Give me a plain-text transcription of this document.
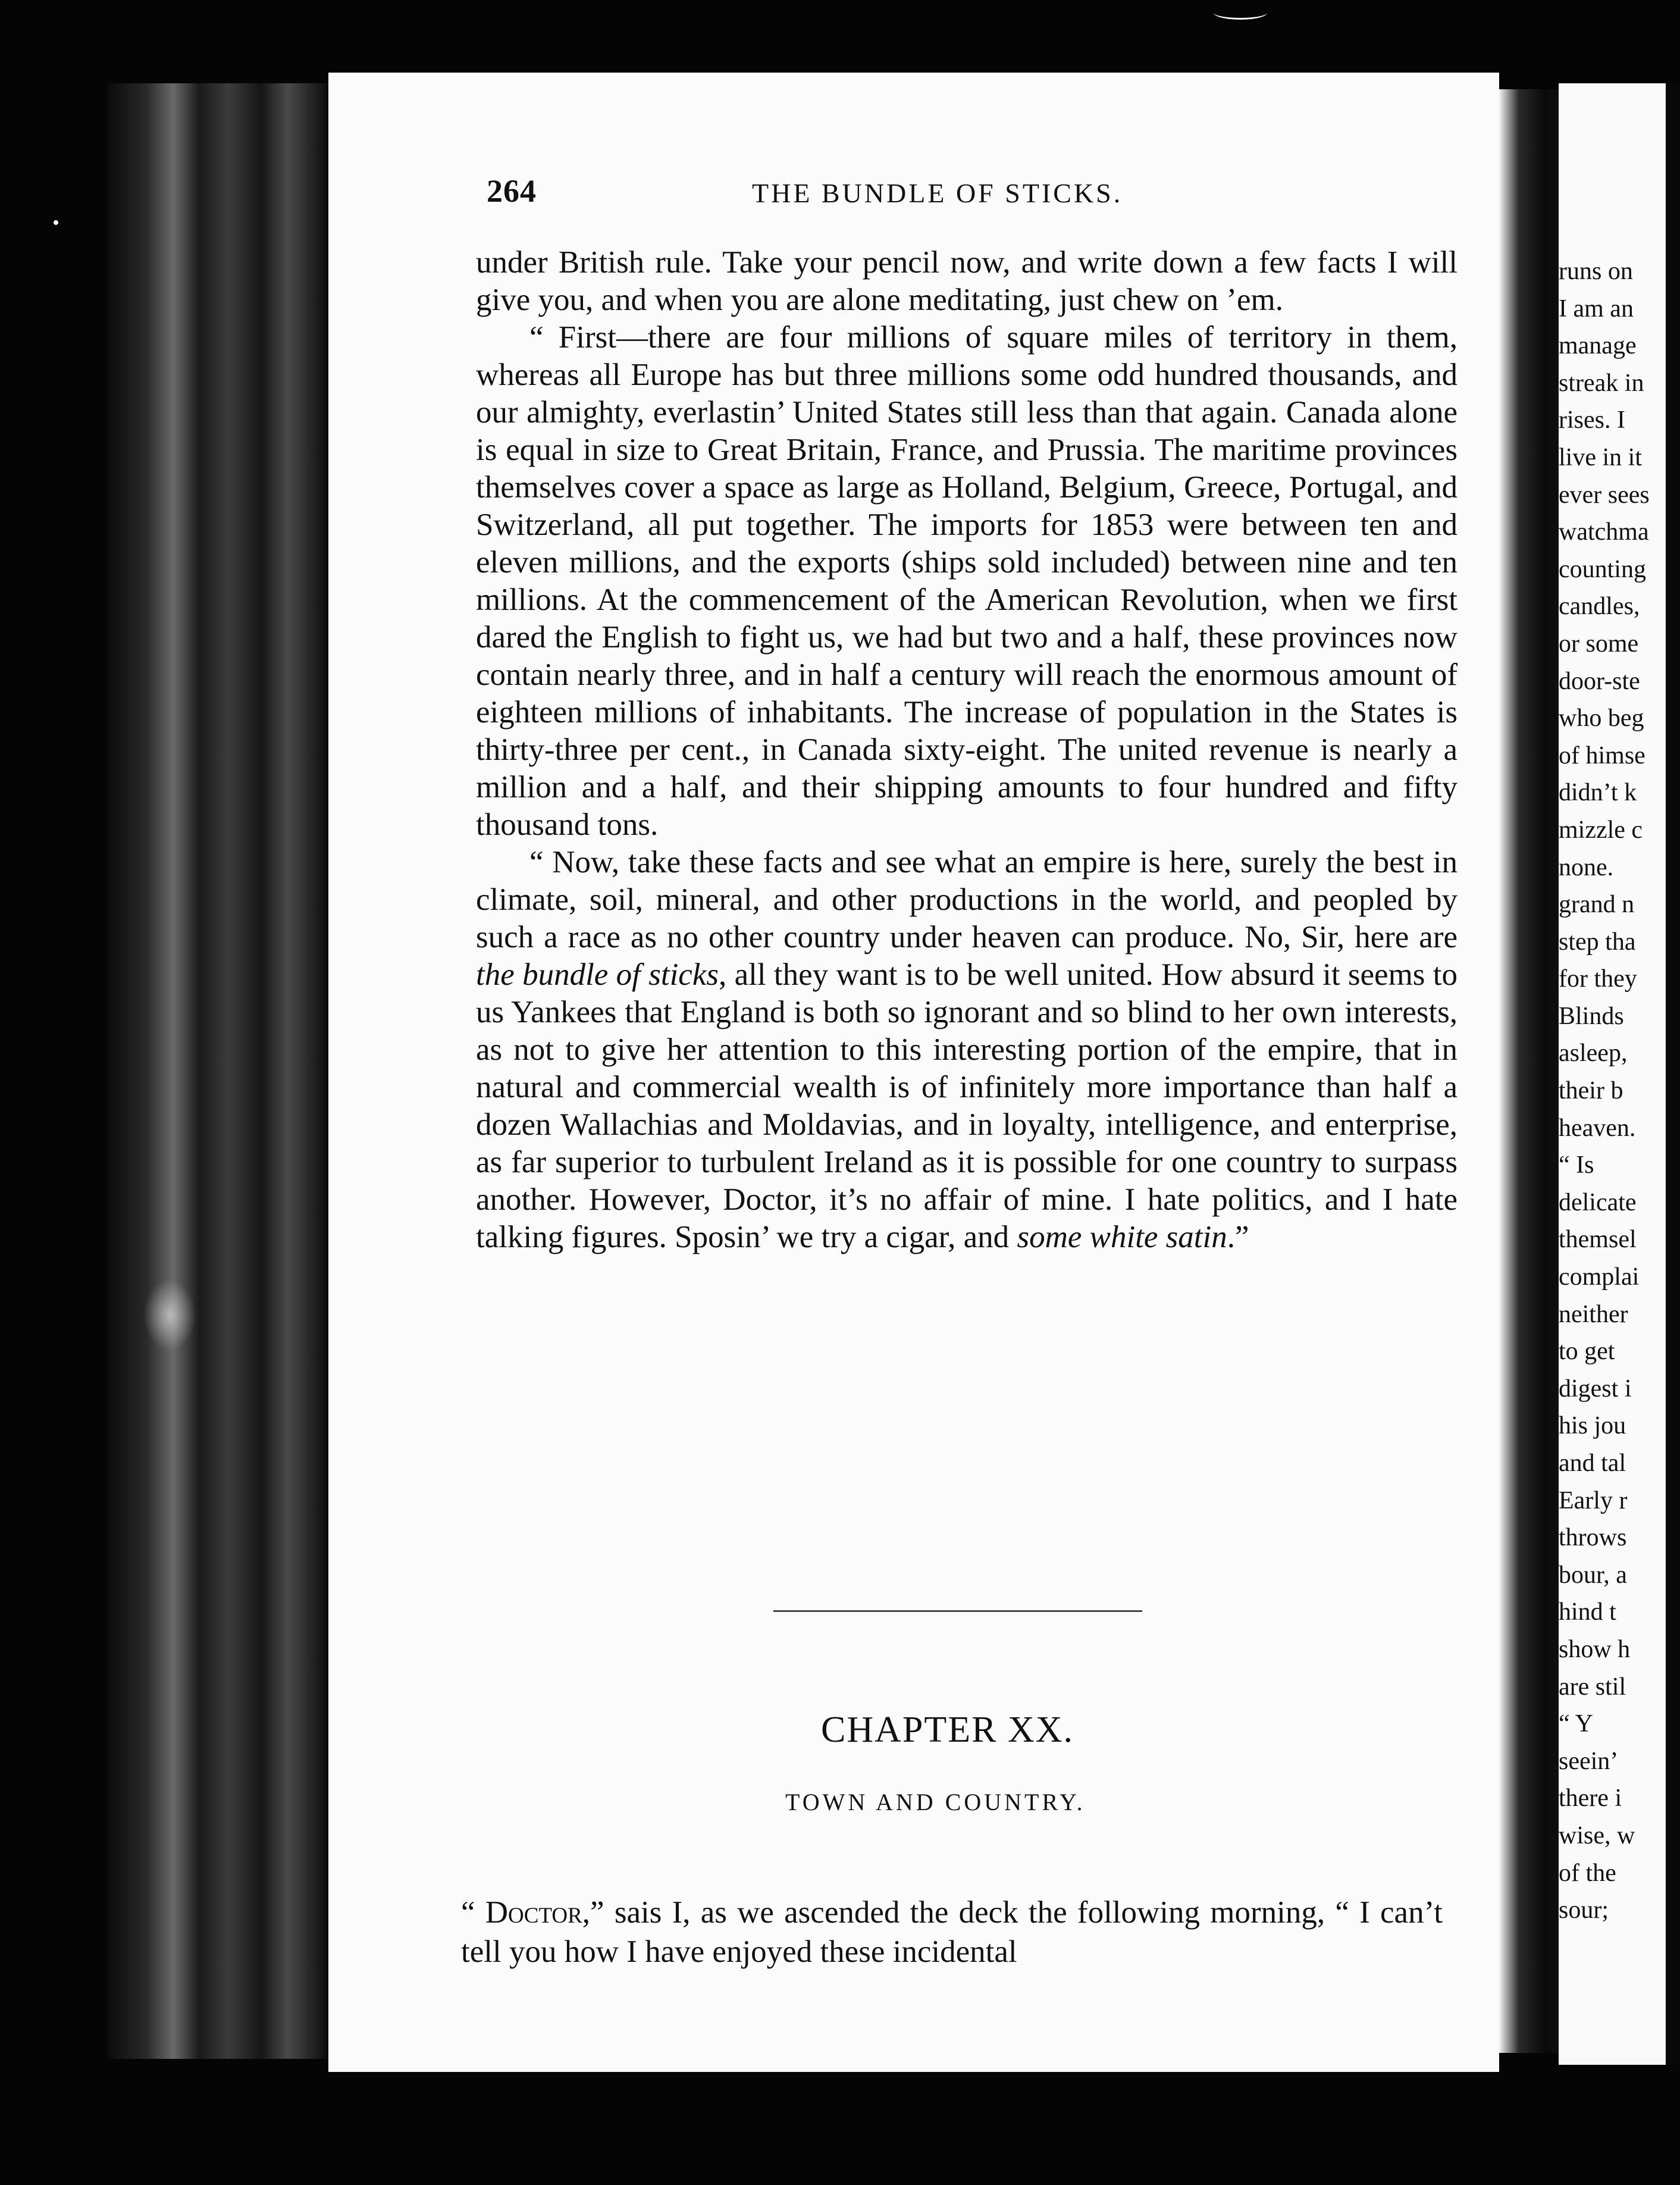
264	THE BUNDLE OF STICKS.

under British rule. Take your pencil now, and write down a few facts I will give you, and when you are alone meditating, just chew on ’em.

“ First—there are four millions of square miles of territory in them, whereas all Europe has but three millions some odd hundred thousands, and our almighty, everlastin’ United States still less than that again. Canada alone is equal in size to Great Britain, France, and Prussia. The maritime provinces themselves cover a space as large as Holland, Belgium, Greece, Portugal, and Switzerland, all put together. The imports for 1853 were between ten and eleven millions, and the exports (ships sold included) between nine and ten millions. At the commencement of the American Revolution, when we first dared the English to fight us, we had but two and a half, these provinces now contain nearly three, and in half a century will reach the enormous amount of eighteen millions of inhabitants. The increase of population in the States is thirty-three per cent., in Canada sixty-eight. The united revenue is nearly a million and a half, and their shipping amounts to four hundred and fifty thousand tons.

“ Now, take these facts and see what an empire is here, surely the best in climate, soil, mineral, and other productions in the world, and peopled by such a race as no other country under heaven can produce. No, Sir, here are the bundle of sticks, all they want is to be well united. How absurd it seems to us Yankees that England is both so ignorant and so blind to her own interests, as not to give her attention to this interesting portion of the empire, that in natural and commercial wealth is of infinitely more importance than half a dozen Wallachias and Moldavias, and in loyalty, intelligence, and enterprise, as far superior to turbulent Ireland as it is possible for one country to surpass another. However, Doctor, it’s no affair of mine. I hate politics, and I hate talking figures. Sposin’ we try a cigar, and some white satin.”

CHAPTER XX.
TOWN AND COUNTRY.

“ Doctor,” sais I, as we ascended the deck the following morning, “ I can’t tell you how I have enjoyed these incidental

runs on
I am an
manage
streak in
rises. I
live in it
ever sees
watchma
counting
candles,
or some
door-ste
who beg
of himse
didn’t k
mizzle c
none.
grand n
step tha
for they
Blinds
asleep,
their b
heaven.
“ Is
delicate
themsel
complai
neither
to get
digest i
his jou
and tal
Early r
throws
bour, a
hind t
show h
are stil
“ Y
seein’
there i
wise, w
of the
sour;
